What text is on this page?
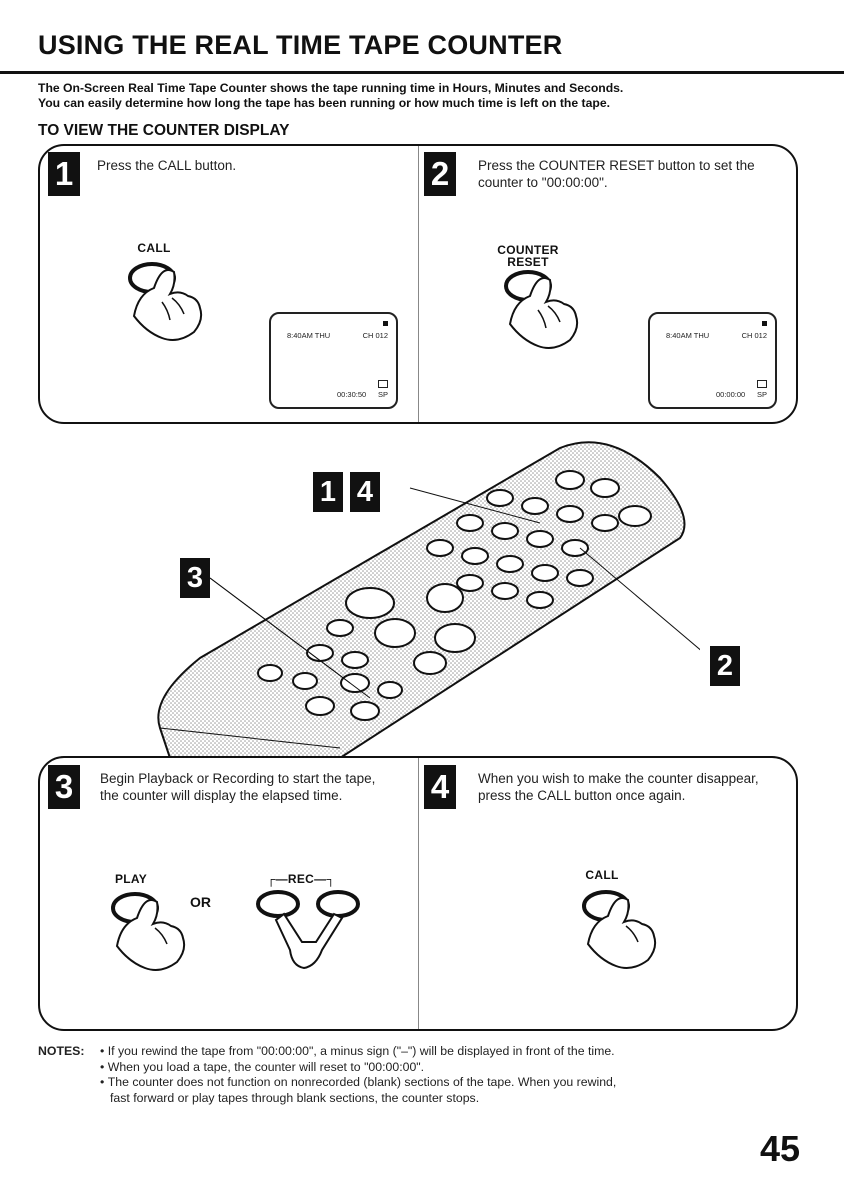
USING THE REAL TIME TAPE COUNTER
The On-Screen Real Time Tape Counter shows the tape running time in Hours, Minutes and Seconds.
You can easily determine how long the tape has been running or how much time is left on the tape.
TO VIEW THE COUNTER DISPLAY
1	Press the CALL button.
CALL
8:40AM THU	CH 012
00:30:50 SP
2	Press the COUNTER RESET button to set the
counter to "00:00:00".
COUNTER
RESET
8:40AM THU	CH 012
00:00:00 SP
1 4
3
2
3	Begin Playback or Recording to start the tape,
the counter will display the elapsed time.
PLAY
OR
┌—REC—┐
4	When you wish to make the counter disappear,
press the CALL button once again.
CALL
NOTES:	• If you rewind the tape from "00:00:00", a minus sign ("–") will be displayed in front of the time.
• When you load a tape, the counter will reset to "00:00:00".
• The counter does not function on nonrecorded (blank) sections of the tape. When you rewind,
fast forward or play tapes through blank sections, the counter stops.
45
